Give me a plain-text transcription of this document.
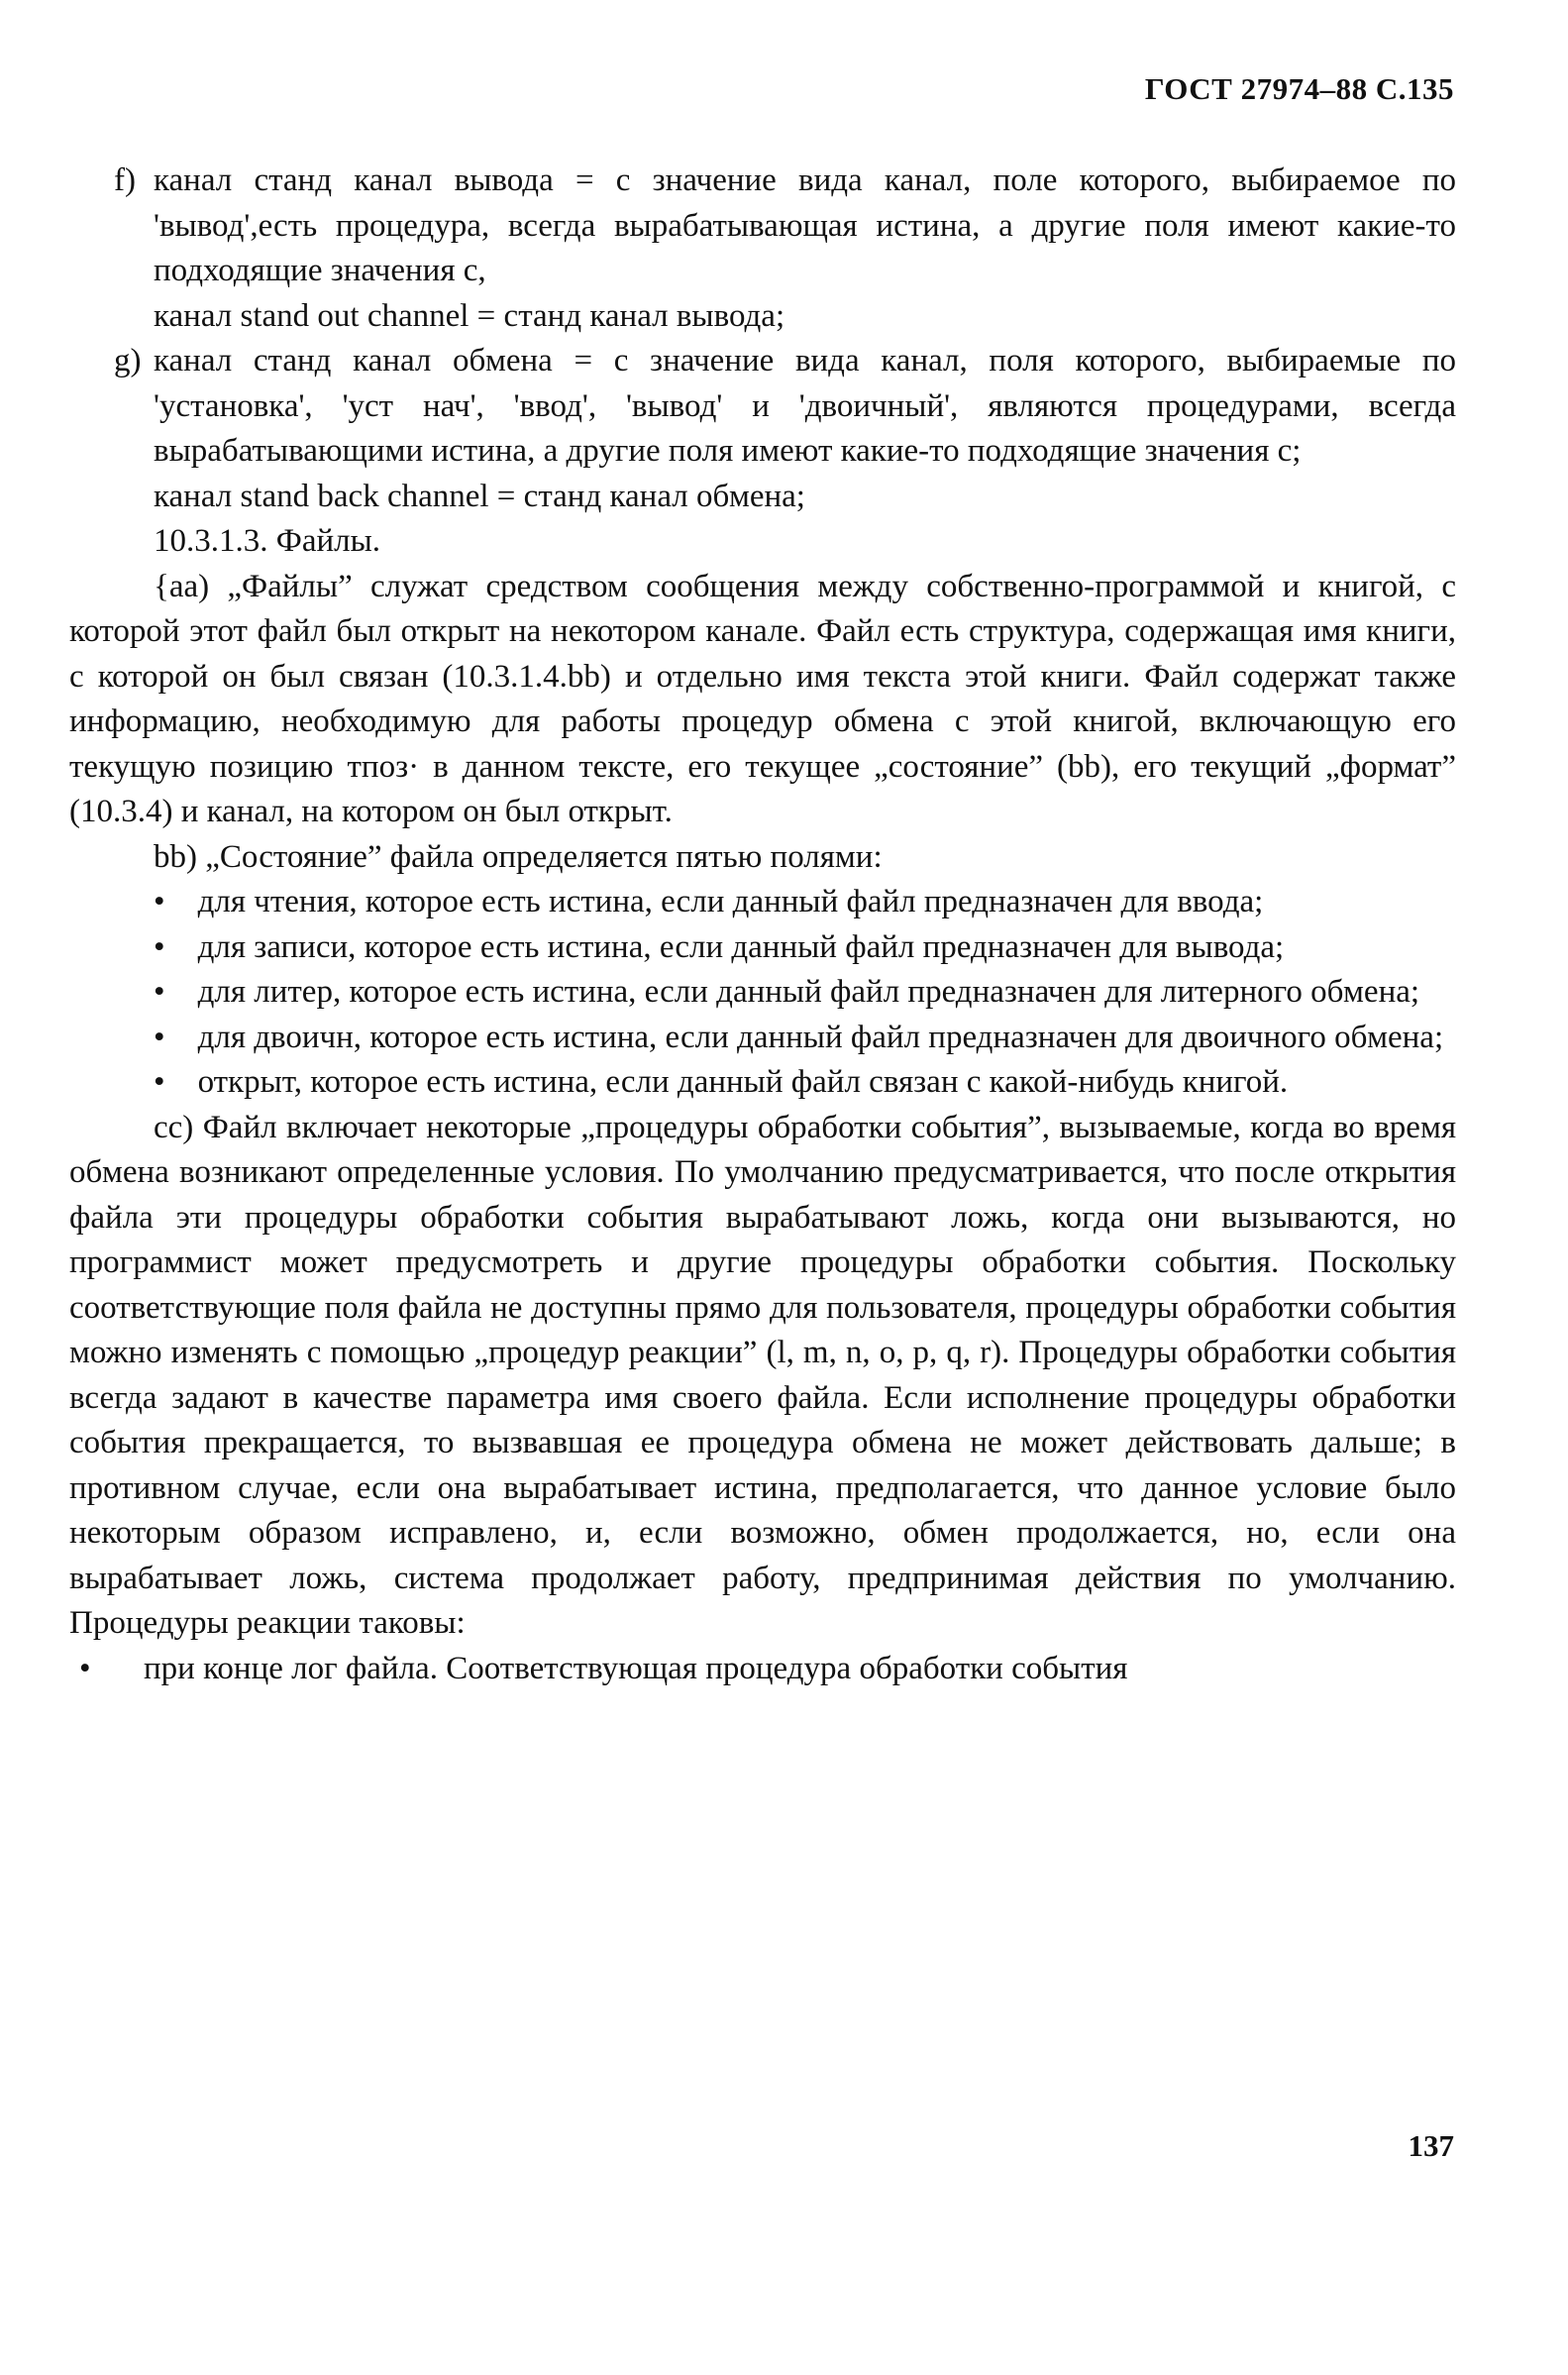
ГОСТ 27974–88 С.135

f) канал станд канал вывода = с значение вида канал, поле которого, выбираемое по 'вывод',есть процедура, всегда вырабатывающая истина, а другие поля имеют какие-то подходящие значения с,

канал stand out channel = станд канал вывода;

g) канал станд канал обмена = с значение вида канал, поля которого, выбираемые по 'установка', 'уст нач', 'ввод', 'вывод' и 'двоичный', являются процедурами, всегда вырабатывающими истина, а другие поля имеют какие-то подходящие значения с;

канал stand back channel = станд канал обмена;

10.3.1.3. Файлы.

{аа) „Файлы” служат средством сообщения между собственно-программой и книгой, с которой этот файл был открыт на некотором канале. Файл есть структура, содержащая имя книги, с которой он был связан (10.3.1.4.bb) и отдельно имя текста этой книги. Файл содержат также информацию, необходимую для работы процедур обмена с этой книгой, включающую его текущую позицию тпоз· в данном тексте, его текущее „состояние” (bb), его текущий „формат” (10.3.4) и канал, на котором он был открыт.

bb) „Состояние” файла определяется пятью полями:

• для чтения, которое есть истина, если данный файл предназначен для ввода;

• для записи, которое есть истина, если данный файл предназначен для вывода;

• для литер, которое есть истина, если данный файл предназначен для литерного обмена;

• для двоичн, которое есть истина, если данный файл предназначен для двоичного обмена;

• открыт, которое есть истина, если данный файл связан с какой-нибудь книгой.

сс) Файл включает некоторые „процедуры обработки события”, вызываемые, когда во время обмена возникают определенные условия. По умолчанию предусматривается, что после открытия файла эти процедуры обработки события вырабатывают ложь, когда они вызываются, но программист может предусмотреть и другие процедуры обработки события. Поскольку соответствующие поля файла не доступны прямо для пользователя, процедуры обработки события можно изменять с помощью „процедур реакции” (l, m, n, o, p, q, r). Процедуры обработки события всегда задают в качестве параметра имя своего файла. Если исполнение процедуры обработки события прекращается, то вызвавшая ее процедура обмена не может действовать дальше; в противном случае, если она вырабатывает истина, предполагается, что данное условие было некоторым образом исправлено, и, если возможно, обмен продолжается, но, если она вырабатывает ложь, система продолжает работу, предпринимая действия по умолчанию. Процедуры реакции таковы:

• при конце лог файла. Соответствующая процедура обработки события

137
